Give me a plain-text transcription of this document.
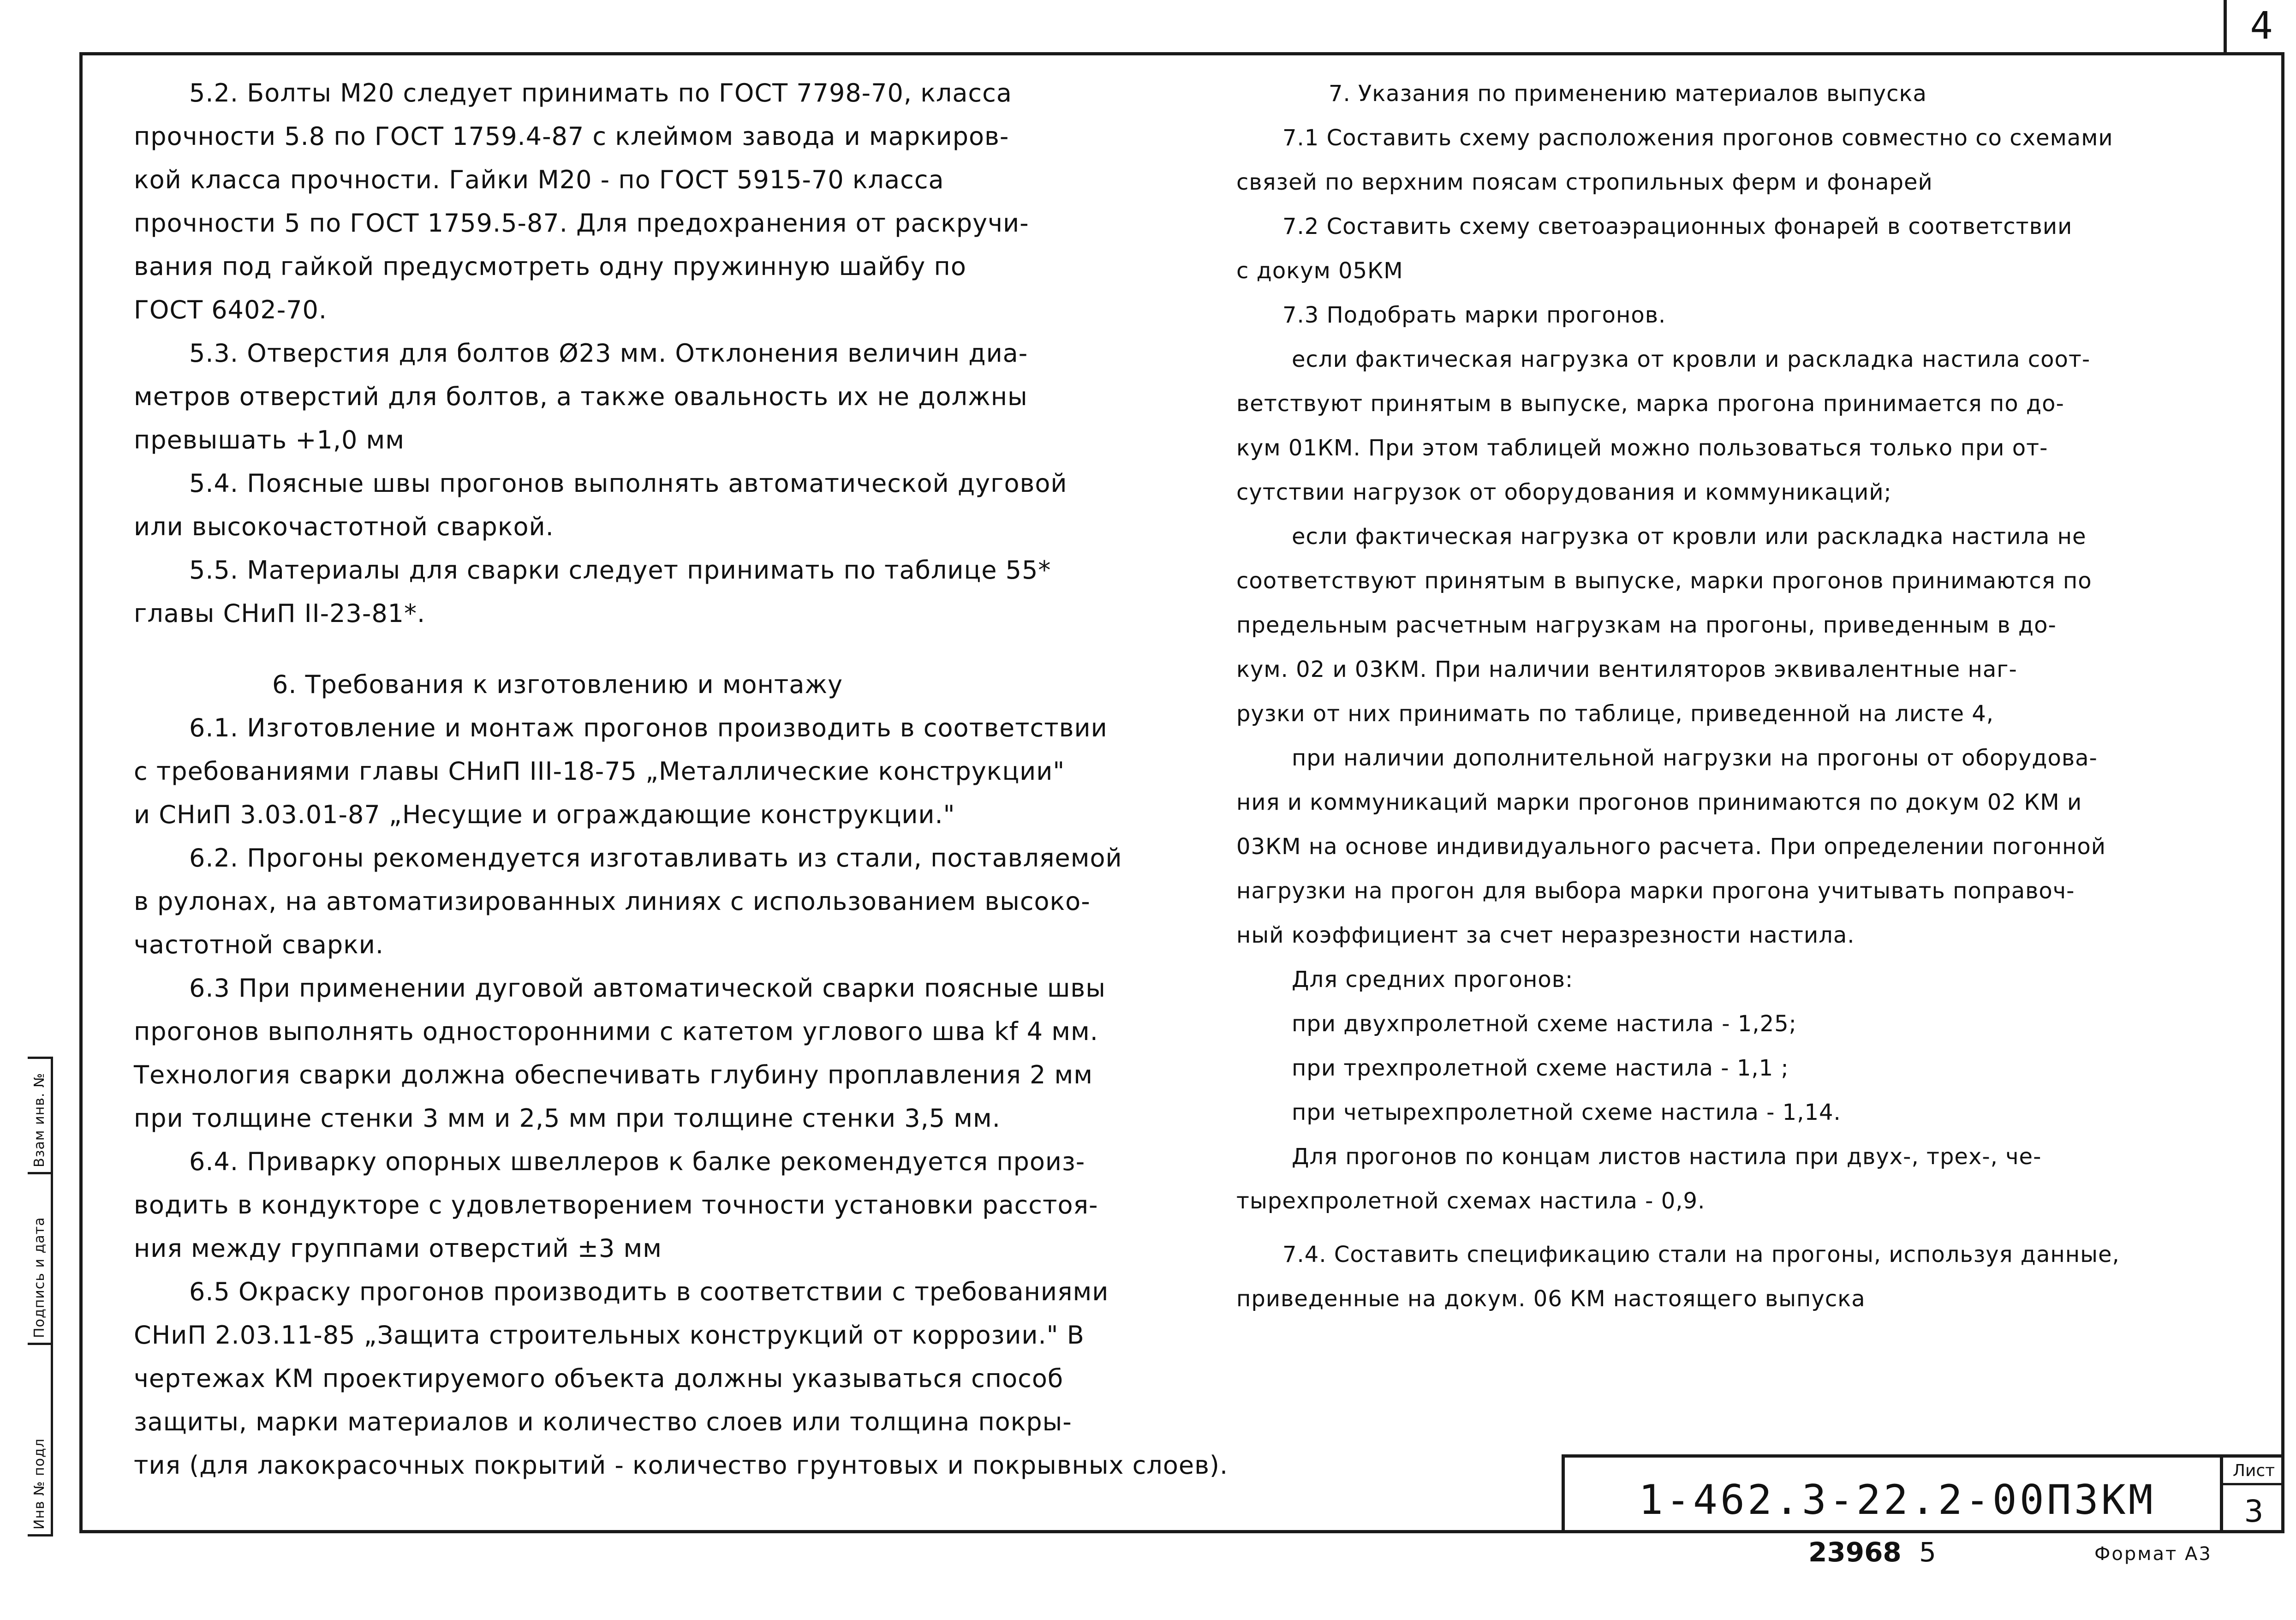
4
5.2. Болты М20 следует принимать по ГОСТ 7798-70, класса
прочности 5.8 по ГОСТ 1759.4-87 с клеймом завода и маркиров-
кой класса прочности. Гайки М20 - по ГОСТ 5915-70 класса
прочности 5 по ГОСТ 1759.5-87. Для предохранения от раскручи-
вания под гайкой предусмотреть одну пружинную шайбу по
ГОСТ 6402-70.
5.3. Отверстия для болтов Ø23 мм. Отклонения величин диа-
метров отверстий для болтов, а также овальность их не должны
превышать +1,0 мм
5.4. Поясные швы прогонов выполнять автоматической дуговой
или высокочастотной сваркой.
5.5. Материалы для сварки следует принимать по таблице 55*
главы СНиП II-23-81*.
6. Требования к изготовлению и монтажу
6.1. Изготовление и монтаж прогонов производить в соответствии
с требованиями главы СНиП III-18-75 „Металлические конструкции"
и СНиП 3.03.01-87 „Несущие и ограждающие конструкции."
6.2. Прогоны рекомендуется изготавливать из стали, поставляемой
в рулонах, на автоматизированных линиях с использованием высоко-
частотной сварки.
6.3 При применении дуговой автоматической сварки поясные швы
прогонов выполнять односторонними с катетом углового шва kf 4 мм.
Технология сварки должна обеспечивать глубину проплавления 2 мм
при толщине стенки 3 мм и 2,5 мм при толщине стенки 3,5 мм.
6.4. Приварку опорных швеллеров к балке рекомендуется произ-
водить в кондукторе с удовлетворением точности установки расстоя-
ния между группами отверстий ±3 мм
6.5 Окраску прогонов производить в соответствии с требованиями
СНиП 2.03.11-85 „Защита строительных конструкций от коррозии." В
чертежах КМ проектируемого объекта должны указываться способ
защиты, марки материалов и количество слоев или толщина покры-
тия (для лакокрасочных покрытий - количество грунтовых и покрывных слоев).
7. Указания по применению материалов выпуска
7.1 Составить схему расположения прогонов совместно со схемами
связей по верхним поясам стропильных ферм и фонарей
7.2 Составить схему светоаэрационных фонарей в соответствии
с докум 05КМ
7.3 Подобрать марки прогонов.
если фактическая нагрузка от кровли и раскладка настила соот-
ветствуют принятым в выпуске, марка прогона принимается по до-
кум 01КМ. При этом таблицей можно пользоваться только при от-
сутствии нагрузок от оборудования и коммуникаций;
если фактическая нагрузка от кровли или раскладка настила не
соответствуют принятым в выпуске, марки прогонов принимаются по
предельным расчетным нагрузкам на прогоны, приведенным в до-
кум. 02 и 03КМ. При наличии вентиляторов эквивалентные наг-
рузки от них принимать по таблице, приведенной на листе 4,
при наличии дополнительной нагрузки на прогоны от оборудова-
ния и коммуникаций марки прогонов принимаются по докум 02 КМ и
03КМ на основе индивидуального расчета. При определении погонной
нагрузки на прогон для выбора марки прогона учитывать поправоч-
ный коэффициент за счет неразрезности настила.
Для средних прогонов:
при двухпролетной схеме настила - 1,25;
при трехпролетной схеме настила - 1,1 ;
при четырехпролетной схеме настила - 1,14.
Для прогонов по концам листов настила при двух-, трех-, че-
тырехпролетной схемах настила - 0,9.
7.4. Составить спецификацию стали на прогоны, используя данные,
приведенные на докум. 06 КМ настоящего выпуска
Инв № подл
Подпись и дата
Взам инв. №
1-462.3-22.2-00ПЗКМ
Лист
3
23968 5	Формат А3
